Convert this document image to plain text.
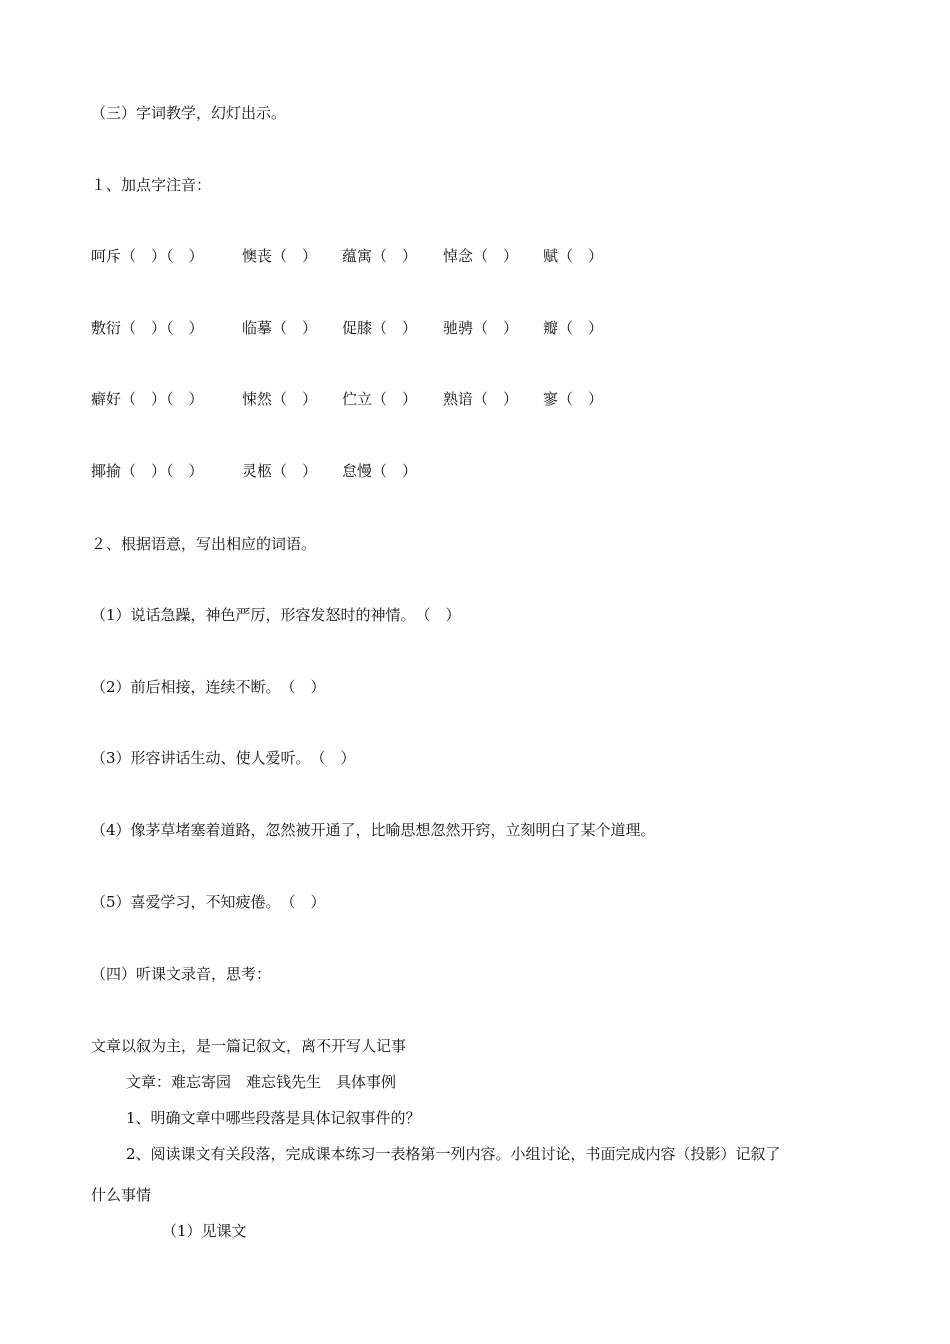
（三）字词教学，幻灯出示。
１、加点字注音：
呵斥（　）（　）	懊丧（　） 蕴寓（　） 悼念（　） 赋（　）
敷衍（　）（　）	临摹（　） 促膝（　） 驰骋（　） 瓣（　）
癖好（　）（　）	悚然（　） 伫立（　） 熟谙（　） 寥（　）
揶揄（　）（　）	灵柩（　） 怠慢（　）
２、根据语意，写出相应的词语。
（1）说话急躁，神色严厉，形容发怒时的神情。　（　）
（2）前后相接，连续不断。　（　）
（3）形容讲话生动、使人爱听。　（　）
（4）像茅草堵塞着道路，忽然被开通了，比喻思想忽然开窍，立刻明白了某个道理。
（5）喜爱学习，不知疲倦。　（　）
（四）听课文录音，思考：
文章以叙为主，是一篇记叙文，离不开写人记事
文章：难忘寄园　难忘钱先生　具体事例
1、明确文章中哪些段落是具体记叙事件的？
2、阅读课文有关段落，完成课本练习一表格第一列内容。小组讨论，书面完成内容（投影）记叙了
什么事情
（1）见课文
